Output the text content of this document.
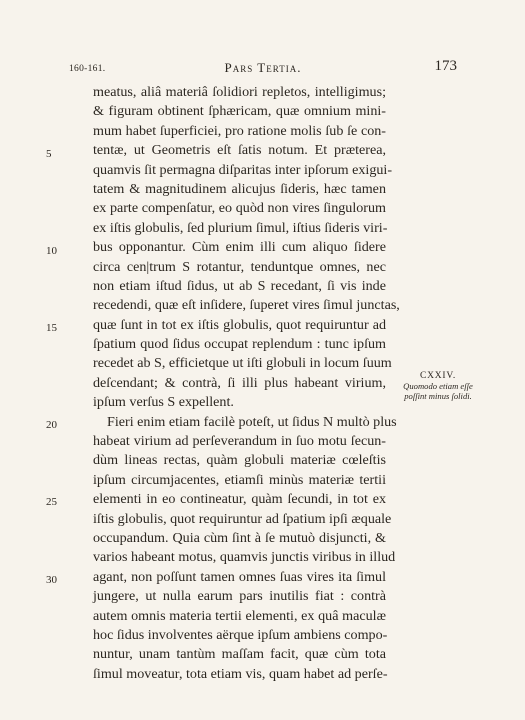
160-161.	Pars Tertia.	173
meatus, aliâ materiâ ſolidiori repletos, intelligimus;
& figuram obtinent ſphæricam, quæ omnium mini-
mum habet ſuperficiei, pro ratione molis ſub ſe con-
tentæ, ut Geometris eſt ſatis notum. Et præterea,
quamvis ſit permagna diſparitas inter ipſorum exigui-
tatem & magnitudinem alicujus ſideris, hæc tamen
ex parte compenſatur, eo quòd non vires ſingulorum
ex iſtis globulis, ſed plurium ſimul, iſtius ſideris viri-
bus opponantur. Cùm enim illi cum aliquo ſidere
circa cen|trum S rotantur, tenduntque omnes, nec
non etiam iſtud ſidus, ut ab S recedant, ſi vis inde
recedendi, quæ eſt inſidere, ſuperet vires ſimul junctas,
quæ ſunt in tot ex iſtis globulis, quot requiruntur ad
ſpatium quod ſidus occupat replendum : tunc ipſum
recedet ab S, efficietque ut iſti globuli in locum ſuum
deſcendant; & contrà, ſi illi plus habeant virium,
ipſum verſus S expellent.
Fieri enim etiam facilè poteſt, ut ſidus N multò plus
habeat virium ad perſeverandum in ſuo motu ſecun-
dùm lineas rectas, quàm globuli materiæ cœleſtis
ipſum circumjacentes, etiamſi minùs materiæ tertii
elementi in eo contineatur, quàm ſecundi, in tot ex
iſtis globulis, quot requiruntur ad ſpatium ipſi æquale
occupandum. Quia cùm ſint à ſe mutuò disjuncti, &
varios habeant motus, quamvis junctis viribus in illud
agant, non poſſunt tamen omnes ſuas vires ita ſimul
jungere, ut nulla earum pars inutilis fiat : contrà
autem omnis materia tertii elementi, ex quâ maculæ
hoc ſidus involventes aërque ipſum ambiens compo-
nuntur, unam tantùm maſſam facit, quæ cùm tota
ſimul moveatur, tota etiam vis, quam habet ad perſe-
5
10
15
20
25
30
CXXIV.
Quomodo etiam eſſe
poſſint minus ſolidi.
